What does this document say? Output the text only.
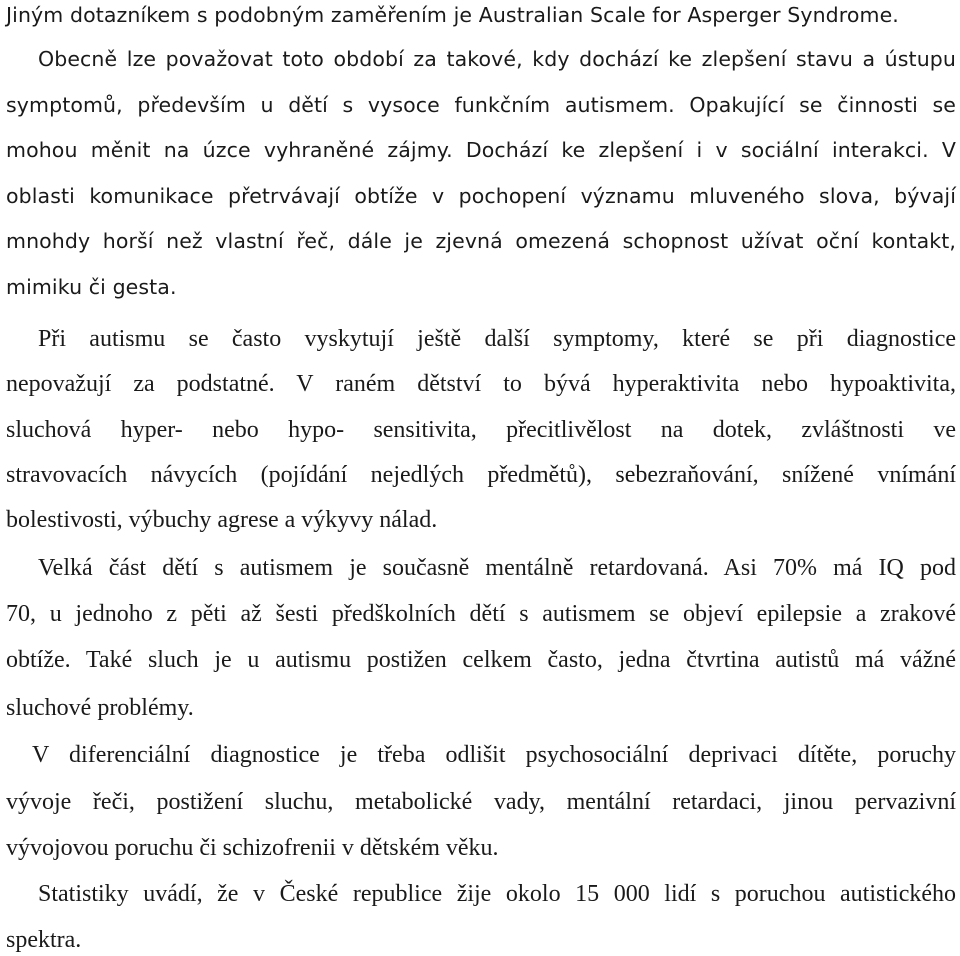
Jiným dotazníkem s podobným zaměřením je Australian Scale for Asperger Syndrome.
Obecně lze považovat toto období za takové, kdy dochází ke zlepšení stavu a ústupu
symptomů, především u dětí s vysoce funkčním autismem. Opakující se činnosti se
mohou měnit na úzce vyhraněné zájmy. Dochází ke zlepšení i v sociální interakci. V
oblasti komunikace přetrvávají obtíže v pochopení významu mluveného slova, bývají
mnohdy horší než vlastní řeč, dále je zjevná omezená schopnost užívat oční kontakt,
mimiku či gesta.
Při autismu se často vyskytují ještě další symptomy, které se při diagnostice
nepovažují za podstatné. V raném dětství to bývá hyperaktivita nebo hypoaktivita,
sluchová hyper- nebo hypo- sensitivita, přecitlivělost na dotek, zvláštnosti ve
stravovacích návycích (pojídání nejedlých předmětů), sebezraňování, snížené vnímání
bolestivosti, výbuchy agrese a výkyvy nálad.
Velká část dětí s autismem je současně mentálně retardovaná. Asi 70% má IQ pod
70, u jednoho z pěti až šesti předškolních dětí s autismem se objeví epilepsie a zrakové
obtíže. Také sluch je u autismu postižen celkem často, jedna čtvrtina autistů má vážné
sluchové problémy.
V diferenciální diagnostice je třeba odlišit psychosociální deprivaci dítěte, poruchy
vývoje řeči, postižení sluchu, metabolické vady, mentální retardaci, jinou pervazivní
vývojovou poruchu či schizofrenii v dětském věku.
Statistiky uvádí, že v České republice žije okolo 15 000 lidí s poruchou autistického
spektra.
